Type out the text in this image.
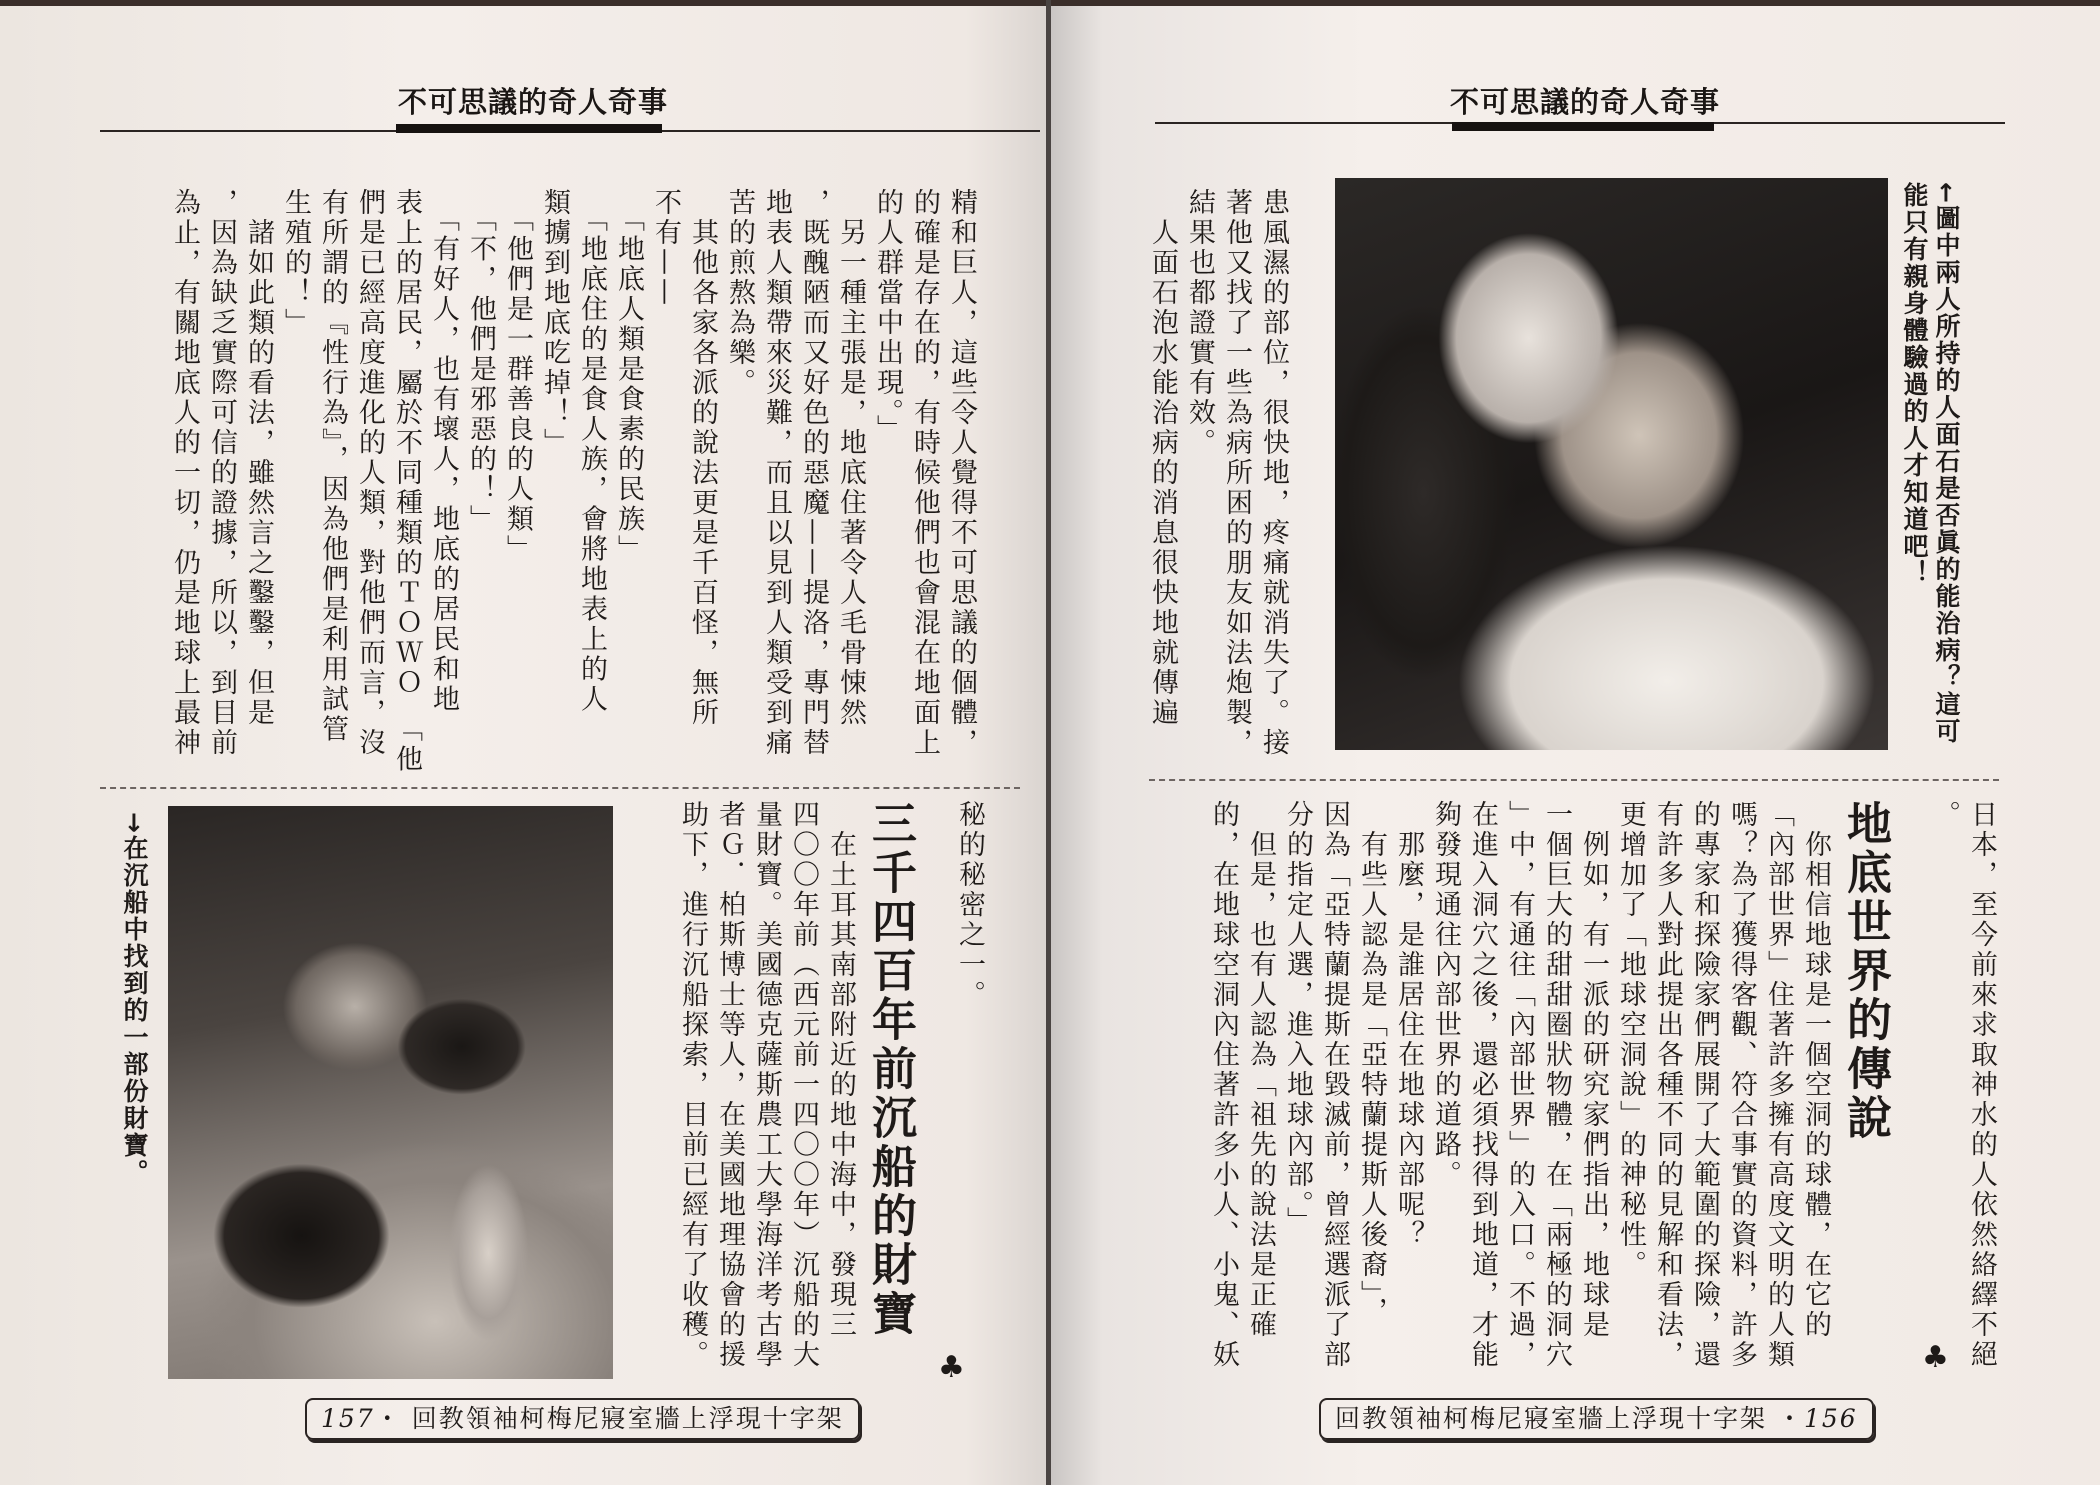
不可思議的奇人奇事
精和巨人，這些令人覺得不可思議的個體，
的確是存在的，有時候他們也會混在地面上
的人群當中出現。」
　另一種主張是，地底住著令人毛骨悚然
，既醜陋而又好色的惡魔——提洛，專門替
地表人類帶來災難，而且以見到人類受到痛
苦的煎熬為樂。
　其他各家各派的說法更是千百怪，無所
不有——
　「地底人類是食素的民族」
　「地底住的是食人族，會將地表上的人
類擄到地底吃掉！」
　「他們是一群善良的人類」
　「不，他們是邪惡的！」
　「有好人，也有壞人，地底的居民和地
表上的居民，屬於不同種類的ＴＯＷＯ　「他
們是已經高度進化的人類，對他們而言，沒
有所謂的『性行為』，因為他們是利用試管
生殖的！」
　諸如此類的看法，雖然言之鑿鑿，但是
，因為缺乏實際可信的證據，所以，到目前
為止，有關地底人的一切，仍是地球上最神
秘的秘密之一。
三千四百年前沉船的財寶
　在土耳其南部附近的地中海中，發現三
四〇〇年前（西元前一四〇〇年）沉船的大
量財寶。美國德克薩斯農工大學海洋考古學
者Ｇ．柏斯博士等人，在美國地理協會的援
助下，進行沉船探索，目前已經有了收穫。	♣
→在沉船中找到的一部份財寶。
157・ 回教領袖柯梅尼寢室牆上浮現十字架
不可思議的奇人奇事
患風濕的部位，很快地，疼痛就消失了。接
著他又找了一些為病所困的朋友如法炮製，
結果也都證實有效。
　人面石泡水能治病的消息很快地就傳遍	←圖中兩人所持的人面石是否眞的能治病？這可
能只有親身體驗過的人才知道吧！
日本，至今前來求取神水的人依然絡繹不絕
。
地底世界的傳說
　你相信地球是一個空洞的球體，在它的
「內部世界」住著許多擁有高度文明的人類
嗎？為了獲得客觀、符合事實的資料，許多
的專家和探險家們展開了大範圍的探險，還
有許多人對此提出各種不同的見解和看法，
更增加了「地球空洞說」的神秘性。
　例如，有一派的研究家們指出，地球是
一個巨大的甜甜圈狀物體，在「兩極的洞穴
」中，有通往「內部世界」的入口。不過，
在進入洞穴之後，還必須找得到地道，才能
夠發現通往內部世界的道路。
　那麼，是誰居住在地球內部呢？
　有些人認為是「亞特蘭提斯人後裔」，
因為「亞特蘭提斯在毀滅前，曾經選派了部
分的指定人選，進入地球內部。」
　但是，也有人認為「祖先的說法是正確
的，在地球空洞內住著許多小人、小鬼、妖	♣
回教領袖柯梅尼寢室牆上浮現十字架 ・156
